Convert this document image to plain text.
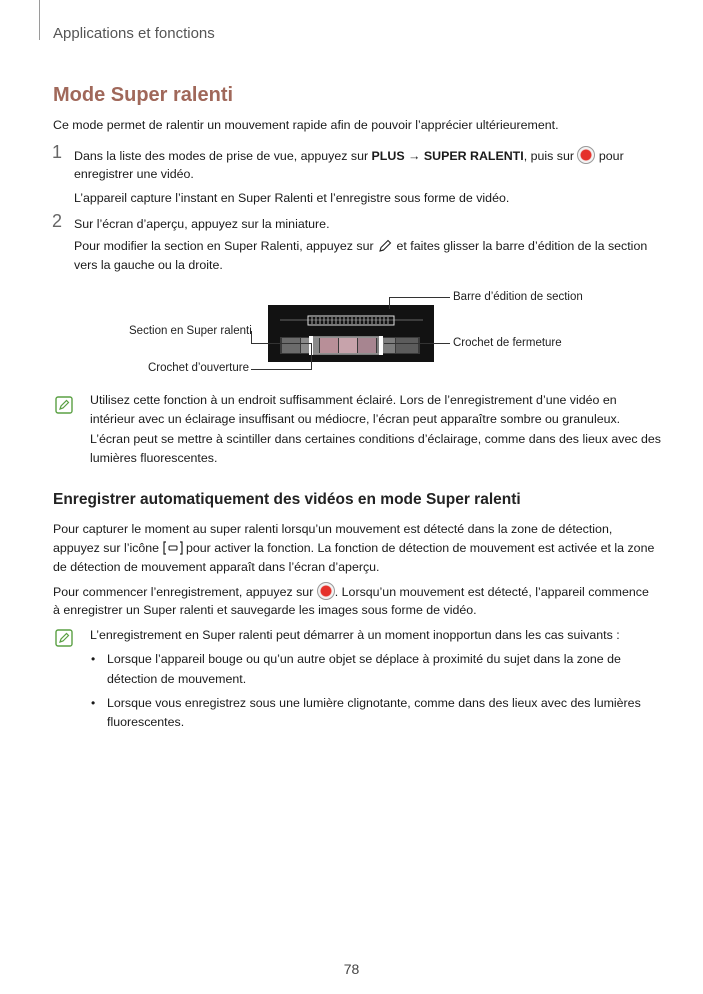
Applications et fonctions
Mode Super ralenti

Ce mode permet de ralentir un mouvement rapide afin de pouvoir l’apprécier ultérieurement.

1 Dans la liste des modes de prise de vue, appuyez sur PLUS → SUPER RALENTI, puis sur pour

enregistrer une vidéo.

L’appareil capture l’instant en Super Ralenti et l’enregistre sous forme de vidéo.

2 Sur l’écran d’aperçu, appuyez sur la miniature.

Pour modifier la section en Super Ralenti, appuyez sur et faites glisser la barre d’édition de la section

vers la gauche ou la droite.

Barre d’édition de section
Section en Super ralenti
Crochet de fermeture
Crochet d’ouverture

Utilisez cette fonction à un endroit suffisamment éclairé. Lors de l’enregistrement d’une vidéo en

intérieur avec un éclairage insuffisant ou médiocre, l’écran peut apparaître sombre ou granuleux.

L’écran peut se mettre à scintiller dans certaines conditions d’éclairage, comme dans des lieux avec des

lumières fluorescentes.

Enregistrer automatiquement des vidéos en mode Super ralenti

Pour capturer le moment au super ralenti lorsqu’un mouvement est détecté dans la zone de détection,

appuyez sur l’icône pour activer la fonction. La fonction de détection de mouvement est activée et la zone

de détection de mouvement apparaît dans l’écran d’aperçu.

Pour commencer l’enregistrement, appuyez sur . Lorsqu’un mouvement est détecté, l’appareil commence

à enregistrer un Super ralenti et sauvegarde les images sous forme de vidéo.

L’enregistrement en Super ralenti peut démarrer à un moment inopportun dans les cas suivants :

• Lorsque l’appareil bouge ou qu’un autre objet se déplace à proximité du sujet dans la zone de

détection de mouvement.

• Lorsque vous enregistrez sous une lumière clignotante, comme dans des lieux avec des lumières

fluorescentes.

78
